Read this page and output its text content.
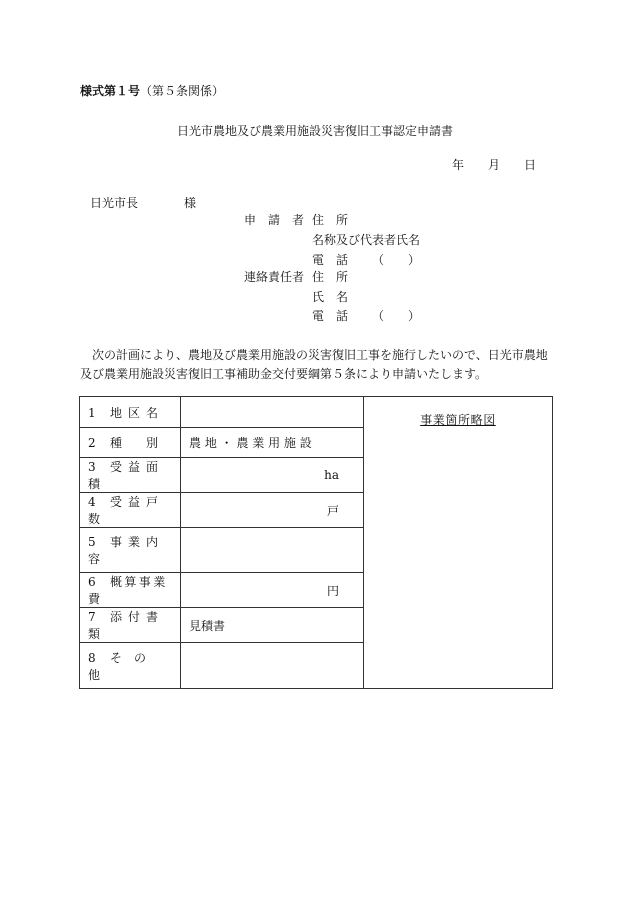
様式第１号（第５条関係）
日光市農地及び農業用施設災害復旧工事認定申請書
年 月 日
日光市長	様
申　請　者 住　所
名称及び代表者氏名
電　話 （　　）
連絡責任者 住　所
氏　名
電　話 （　　）
次の計画により、農地及び農業用施設の災害復旧工事を施行したいので、日光市農地及び農業用施設災害復旧工事補助金交付要綱第５条により申請いたします。
1 地区名		事業箇所略図
2 種　別	農 地 ・ 農 業 用 施 設	
3 受益面積	ha	
4 受益戸数	戸	
5 事業内容		
6 概算事業費	円	
7 添付書類	見積書	
8 その他		
